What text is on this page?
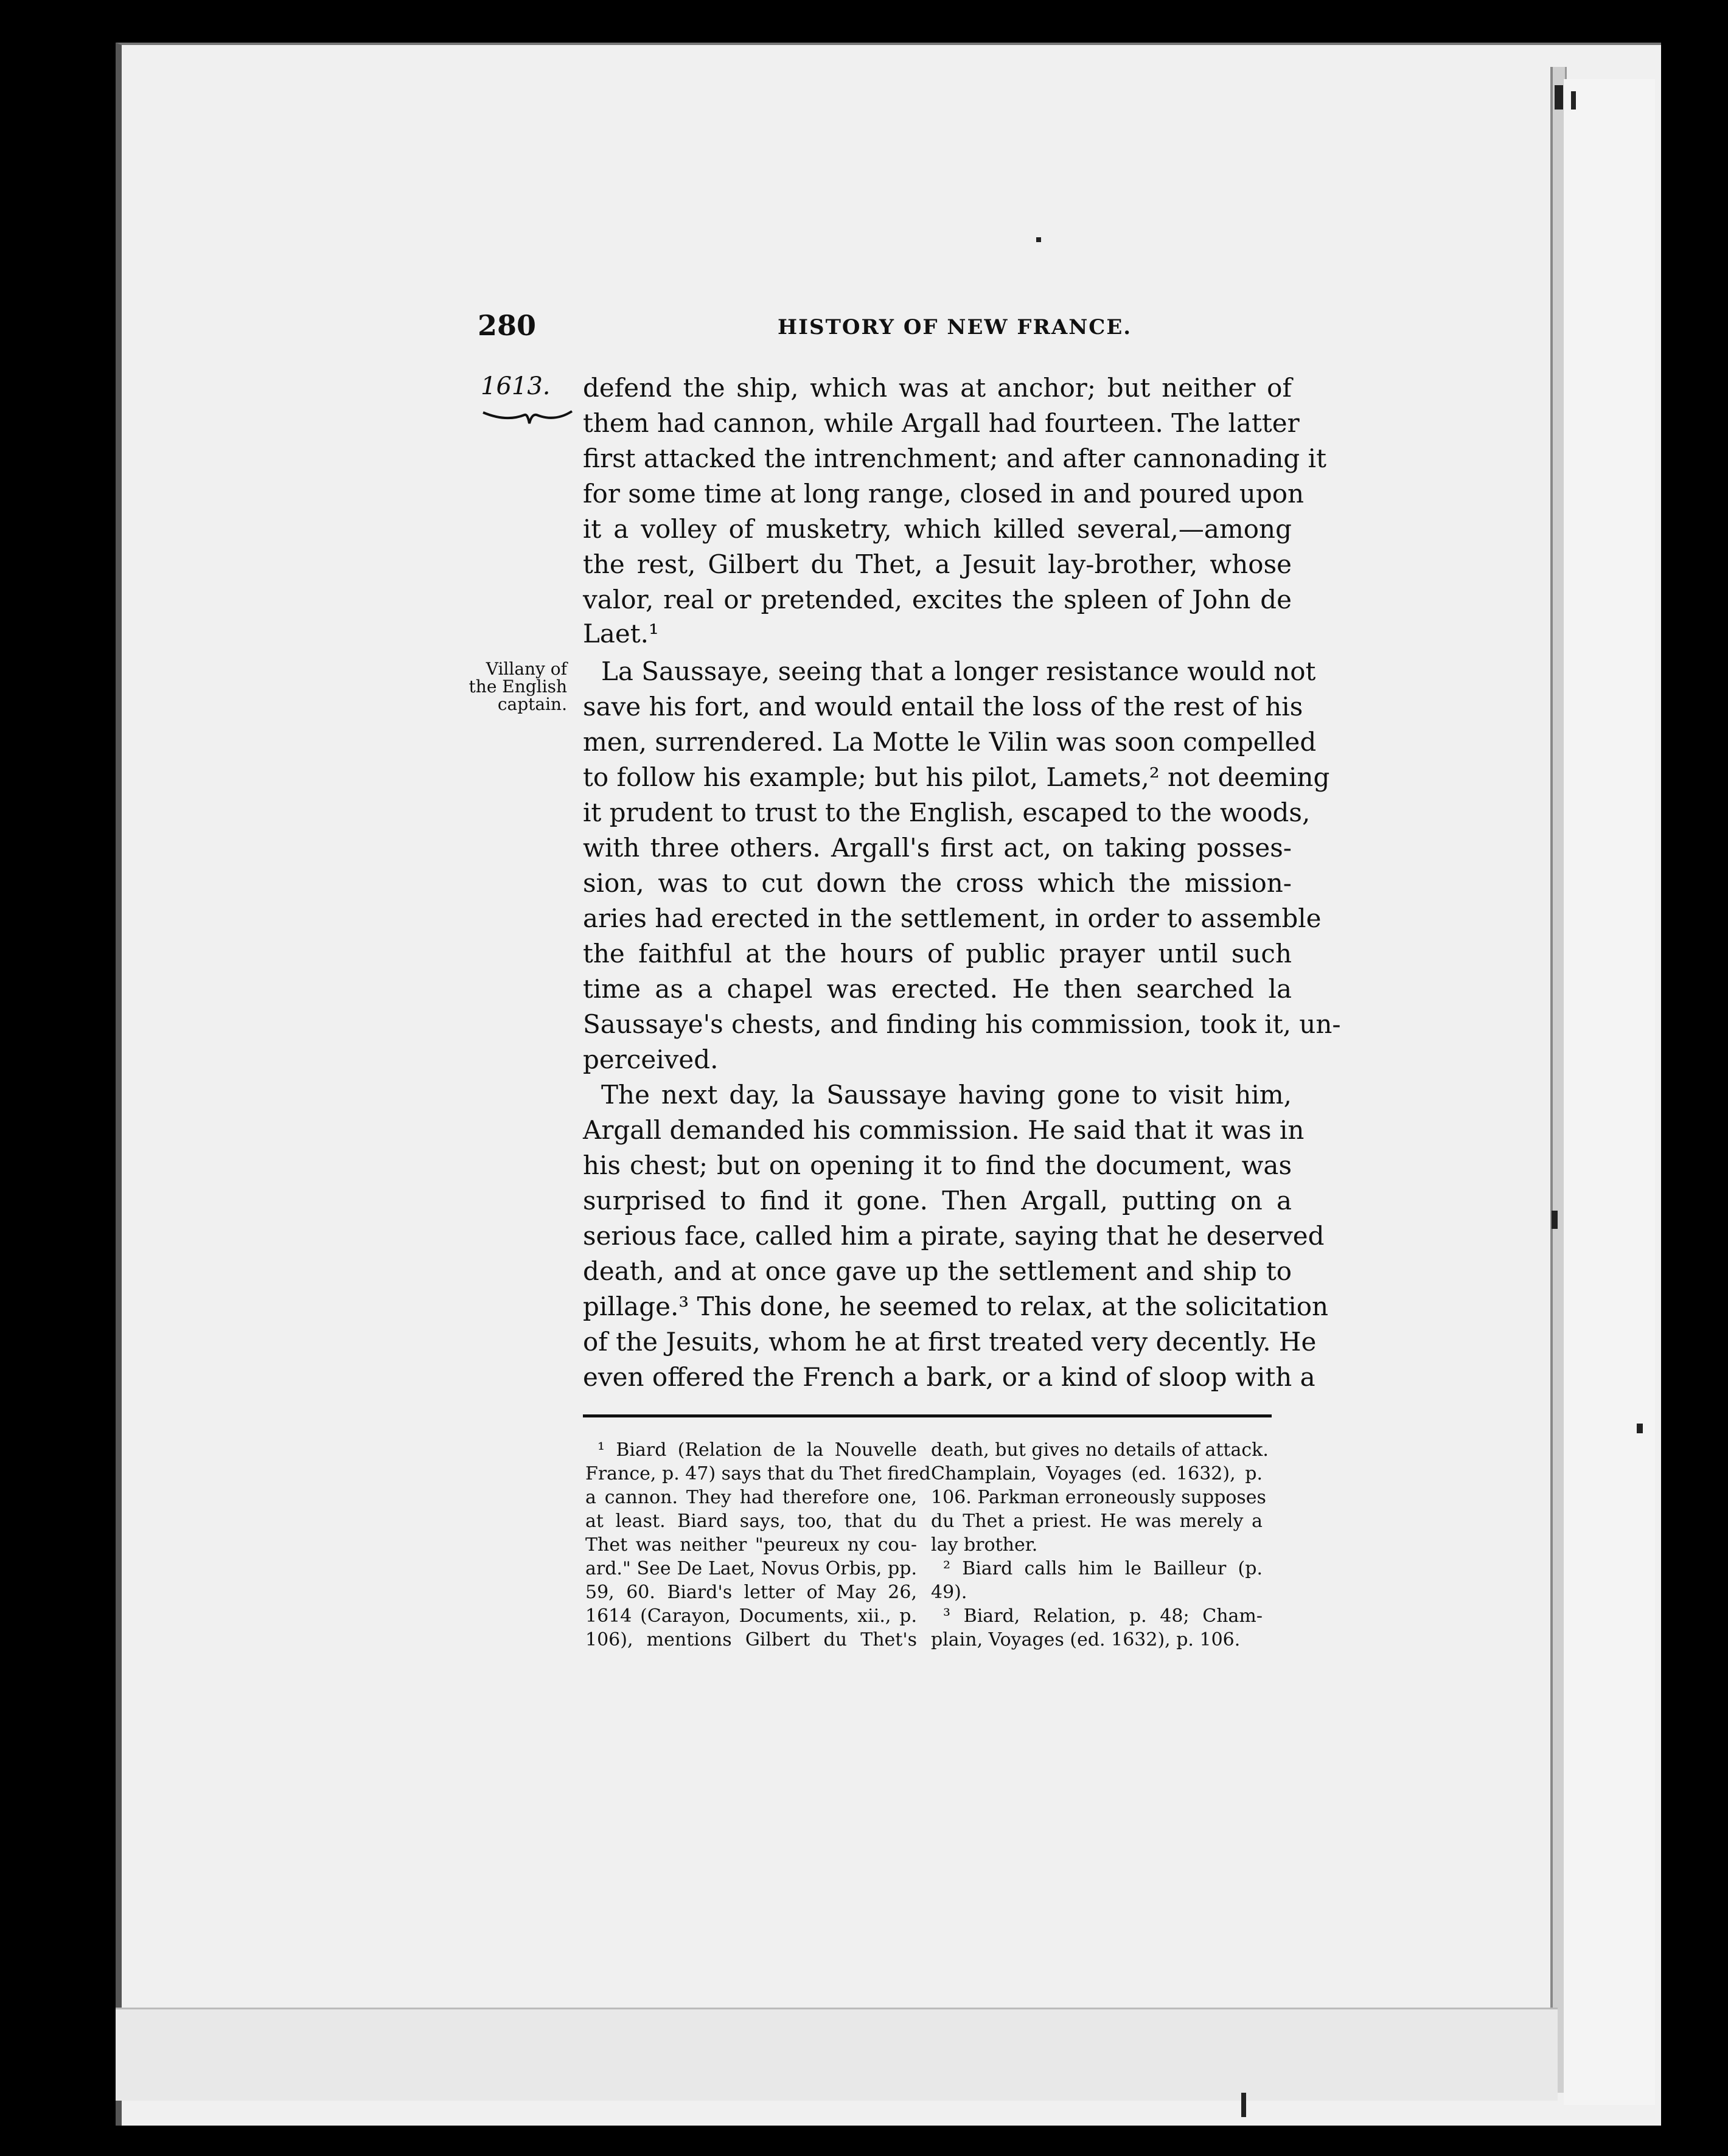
280	HISTORY OF NEW FRANCE.
1613.
Villany of
the English
captain.
defend the ship, which was at anchor; but neither of
them had cannon, while Argall had fourteen. The latter
first attacked the intrenchment; and after cannonading it
for some time at long range, closed in and poured upon
it a volley of musketry, which killed several,—among
the rest, Gilbert du Thet, a Jesuit lay-brother, whose
valor, real or pretended, excites the spleen of John de
Laet.¹
La Saussaye, seeing that a longer resistance would not
save his fort, and would entail the loss of the rest of his
men, surrendered. La Motte le Vilin was soon compelled
to follow his example; but his pilot, Lamets,² not deeming
it prudent to trust to the English, escaped to the woods,
with three others. Argall's first act, on taking posses-
sion, was to cut down the cross which the mission-
aries had erected in the settlement, in order to assemble
the faithful at the hours of public prayer until such
time as a chapel was erected. He then searched la
Saussaye's chests, and finding his commission, took it, un-
perceived.
The next day, la Saussaye having gone to visit him,
Argall demanded his commission. He said that it was in
his chest; but on opening it to find the document, was
surprised to find it gone. Then Argall, putting on a
serious face, called him a pirate, saying that he deserved
death, and at once gave up the settlement and ship to
pillage.³ This done, he seemed to relax, at the solicitation
of the Jesuits, whom he at first treated very decently. He
even offered the French a bark, or a kind of sloop with a
¹ Biard (Relation de la Nouvelle
France, p. 47) says that du Thet fired
a cannon. They had therefore one,
at least. Biard says, too, that du
Thet was neither "peureux ny cou-
ard." See De Laet, Novus Orbis, pp.
59, 60. Biard's letter of May 26,
1614 (Carayon, Documents, xii., p.
106), mentions Gilbert du Thet's
death, but gives no details of attack.
Champlain, Voyages (ed. 1632), p.
106. Parkman erroneously supposes
du Thet a priest. He was merely a
lay brother.
² Biard calls him le Bailleur (p.
49).
³ Biard, Relation, p. 48; Cham-
plain, Voyages (ed. 1632), p. 106.
